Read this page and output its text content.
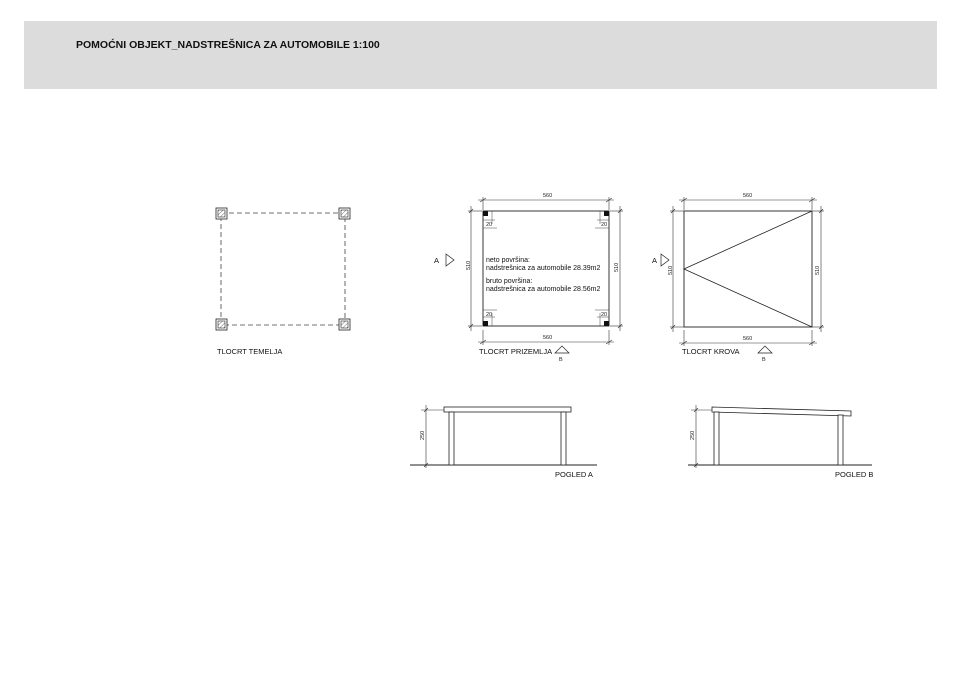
POMOĆNI OBJEKT_NADSTREŠNICA ZA AUTOMOBILE 1:100
TLOCRT TEMELJA
560
560
510	510
20	20
20	20
neto površina:
nadstrešnica za automobile 28.39m2
bruto površina:
nadstrešnica za automobile 28.56m2
A
B
TLOCRT PRIZEMLJA
560
560
510	510
A
B
TLOCRT KROVA
250
POGLED A
250
POGLED B
